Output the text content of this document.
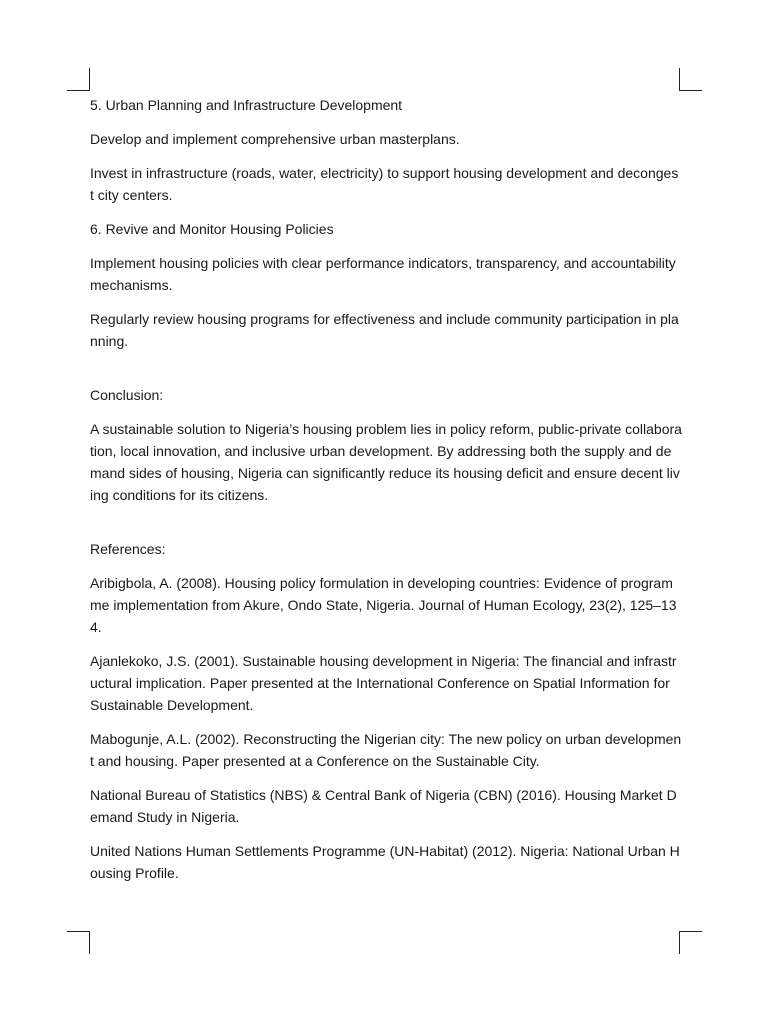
5. Urban Planning and Infrastructure Development

Develop and implement comprehensive urban masterplans.

Invest in infrastructure (roads, water, electricity) to support housing development and decongest city centers.

6. Revive and Monitor Housing Policies

Implement housing policies with clear performance indicators, transparency, and accountability mechanisms.

Regularly review housing programs for effectiveness and include community participation in planning.

Conclusion:

A sustainable solution to Nigeria’s housing problem lies in policy reform, public-private collaboration, local innovation, and inclusive urban development. By addressing both the supply and demand sides of housing, Nigeria can significantly reduce its housing deficit and ensure decent living conditions for its citizens.

References:

Aribigbola, A. (2008). Housing policy formulation in developing countries: Evidence of programme implementation from Akure, Ondo State, Nigeria. Journal of Human Ecology, 23(2), 125–134.

Ajanlekoko, J.S. (2001). Sustainable housing development in Nigeria: The financial and infrastructural implication. Paper presented at the International Conference on Spatial Information for Sustainable Development.

Mabogunje, A.L. (2002). Reconstructing the Nigerian city: The new policy on urban development and housing. Paper presented at a Conference on the Sustainable City.

National Bureau of Statistics (NBS) & Central Bank of Nigeria (CBN) (2016). Housing Market Demand Study in Nigeria.

United Nations Human Settlements Programme (UN-Habitat) (2012). Nigeria: National Urban Housing Profile.
